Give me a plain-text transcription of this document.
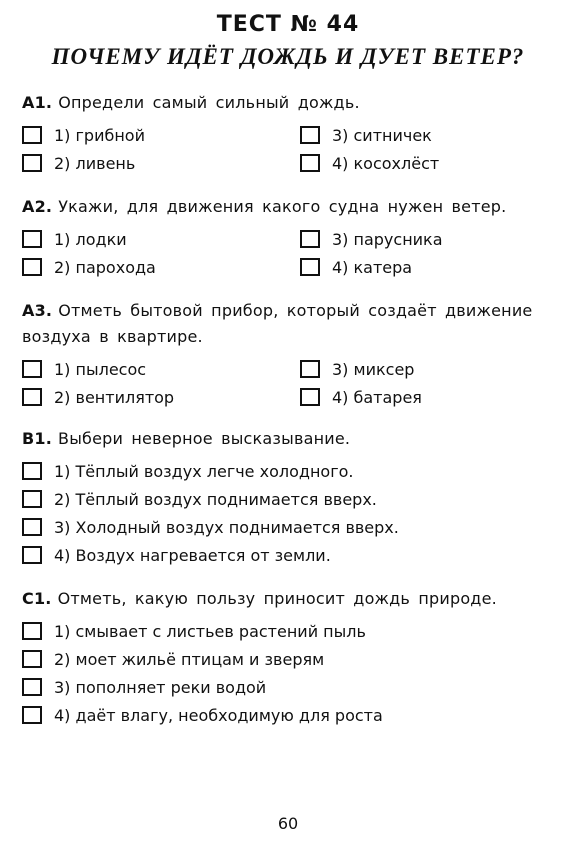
ТЕСТ № 44
ПОЧЕМУ ИДЁТ ДОЖДЬ И ДУЕТ ВЕТЕР?
A1. Определи самый сильный дождь.
1) грибной
2) ливень
3) ситничек
4) косохлёст
A2. Укажи, для движения какого судна нужен ветер.
1) лодки
2) парохода
3) парусника
4) катера
A3. Отметь бытовой прибор, который создаёт движение воздуха в квартире.
1) пылесос
2) вентилятор
3) миксер
4) батарея
B1. Выбери неверное высказывание.
1) Тёплый воздух легче холодного.
2) Тёплый воздух поднимается вверх.
3) Холодный воздух поднимается вверх.
4) Воздух нагревается от земли.
C1. Отметь, какую пользу приносит дождь природе.
1) смывает с листьев растений пыль
2) моет жильё птицам и зверям
3) пополняет реки водой
4) даёт влагу, необходимую для роста
60
